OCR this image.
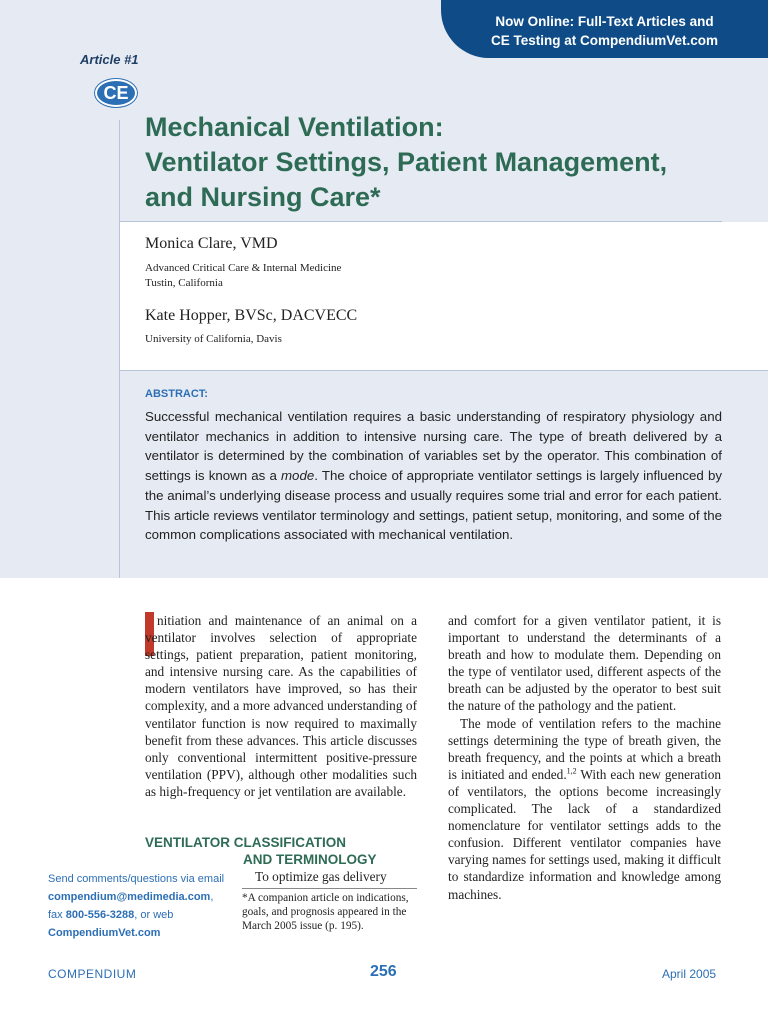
Now Online: Full-Text Articles and
CE Testing at CompendiumVet.com
Article #1
CE
Mechanical Ventilation:
Ventilator Settings, Patient Management,
and Nursing Care*
Monica Clare, VMD
Advanced Critical Care & Internal Medicine
Tustin, California
Kate Hopper, BVSc, DACVECC
University of California, Davis
ABSTRACT:

Successful mechanical ventilation requires a basic understanding of respiratory physiology and ventilator mechanics in addition to intensive nursing care. The type of breath delivered by a ventilator is determined by the combination of variables set by the operator. This combination of settings is known as a mode. The choice of appropriate ventilator settings is largely influenced by the animal’s underlying disease process and usually requires some trial and error for each patient. This article reviews ventilator terminology and settings, patient setup, monitoring, and some of the common complications associated with mechanical ventilation.

nitiation and maintenance of an animal on a ventilator involves selection of appropriate settings, patient preparation, patient monitoring, and intensive nursing care. As the capabilities of modern ventilators have improved, so has their complexity, and a more advanced understanding of ventilator function is now required to maximally benefit from these advances. This article discusses only conventional intermittent positive-pressure ventilation (PPV), although other modalities such as high-frequency or jet ventilation are available.

VENTILATOR CLASSIFICATION
AND TERMINOLOGY
To optimize gas delivery
*A companion article on indications, goals, and prognosis appeared in the March 2005 issue (p. 195).
Send comments/questions via email
compendium@medimedia.com,
fax 800-556-3288, or web
CompendiumVet.com

and comfort for a given ventilator patient, it is important to understand the determinants of a breath and how to modulate them. Depending on the type of ventilator used, different aspects of the breath can be adjusted by the operator to best suit the nature of the pathology and the patient.

The mode of ventilation refers to the machine settings determining the type of breath given, the breath frequency, and the points at which a breath is initiated and ended.$^{1,2}$ With each new generation of ventilators, the options become increasingly complicated. The lack of a standardized nomenclature for ventilator settings adds to the confusion. Different ventilator companies have varying names for settings used, making it difficult to standardize information and knowledge among machines.

COMPENDIUM	256	April 2005
